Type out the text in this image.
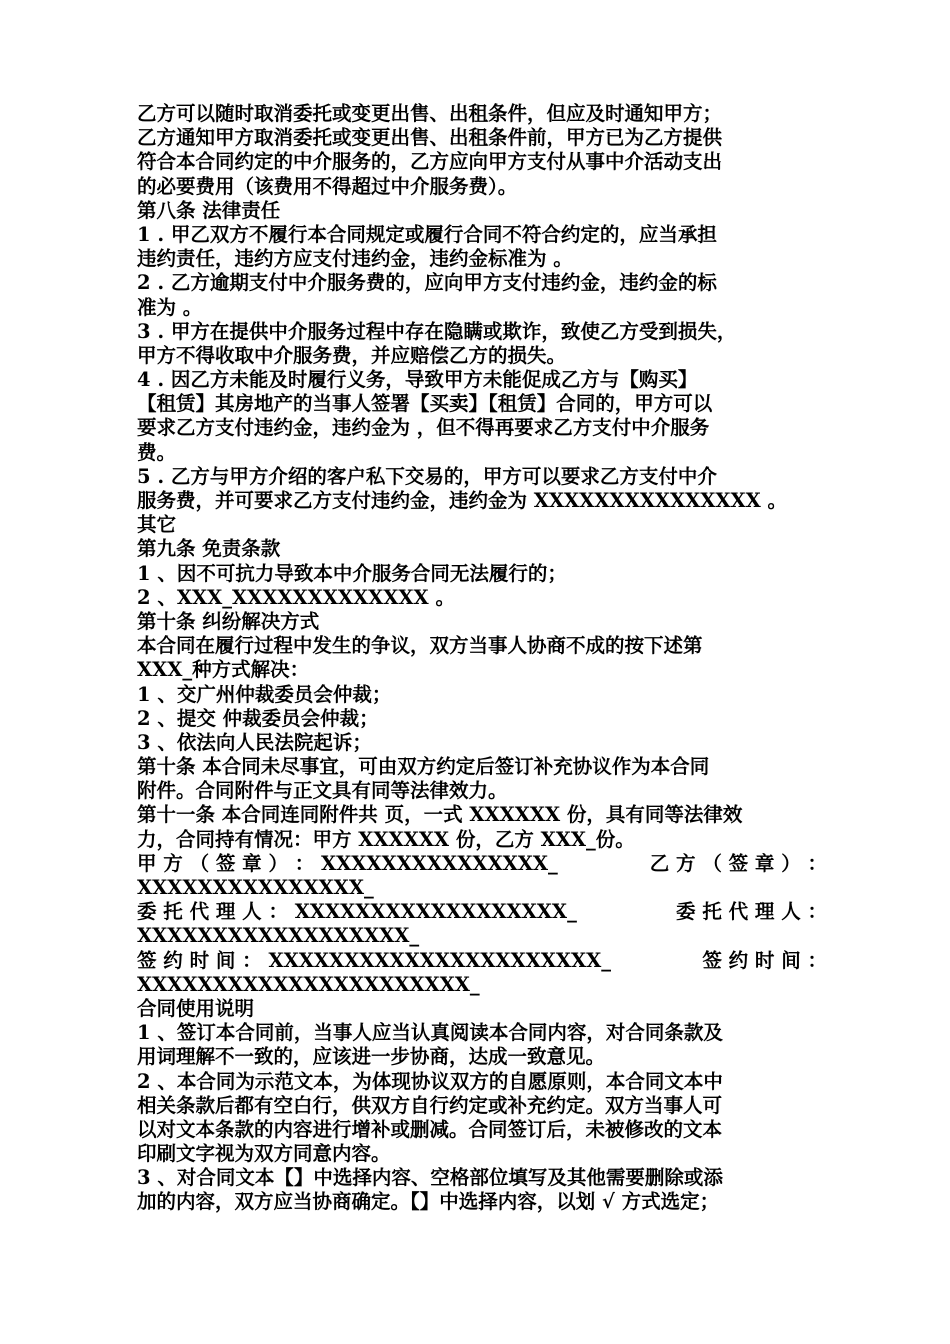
乙方可以随时取消委托或变更出售、出租条件，但应及时通知甲方；
乙方通知甲方取消委托或变更出售、出租条件前，甲方已为乙方提供
符合本合同约定的中介服务的，乙方应向甲方支付从事中介活动支出
的必要费用（该费用不得超过中介服务费）。
第八条 法律责任
1 . 甲乙双方不履行本合同规定或履行合同不符合约定的，应当承担
违约责任，违约方应支付违约金，违约金标准为 。
2 . 乙方逾期支付中介服务费的，应向甲方支付违约金，违约金的标
准为 。
3 . 甲方在提供中介服务过程中存在隐瞒或欺诈，致使乙方受到损失，
甲方不得收取中介服务费，并应赔偿乙方的损失。
4 . 因乙方未能及时履行义务，导致甲方未能促成乙方与【购买】
【租赁】其房地产的当事人签署【买卖】【租赁】合同的，甲方可以
要求乙方支付违约金，违约金为 ，但不得再要求乙方支付中介服务
费。
5 . 乙方与甲方介绍的客户私下交易的，甲方可以要求乙方支付中介
服务费，并可要求乙方支付违约金，违约金为 XXXXXXXXXXXXXXX 。
其它
第九条 免责条款
1 、因不可抗力导致本中介服务合同无法履行的；
2 、XXX_XXXXXXXXXXXXX 。
第十条 纠纷解决方式
本合同在履行过程中发生的争议，双方当事人协商不成的按下述第
XXX_种方式解决：
1 、交广州仲裁委员会仲裁；
2 、提交 仲裁委员会仲裁；
3 、依法向人民法院起诉；
第十条 本合同未尽事宜，可由双方约定后签订补充协议作为本合同
附件。合同附件与正文具有同等法律效力。
第十一条 本合同连同附件共 页，一式 XXXXXX 份，具有同等法律效
力，合同持有情况：甲方 XXXXXX 份，乙方 XXX_份。
甲 方 （ 签 章 ） ： XXXXXXXXXXXXXXX_	乙 方 （ 签 章 ） ：
XXXXXXXXXXXXXXX_
委 托 代 理 人 ： XXXXXXXXXXXXXXXXXX_	委 托 代 理 人 ：
XXXXXXXXXXXXXXXXXX_
签 约 时 间 ： XXXXXXXXXXXXXXXXXXXXXX_	签 约 时 间 ：
XXXXXXXXXXXXXXXXXXXXXX_
合同使用说明
1 、签订本合同前，当事人应当认真阅读本合同内容，对合同条款及
用词理解不一致的，应该进一步协商，达成一致意见。
2 、本合同为示范文本，为体现协议双方的自愿原则，本合同文本中
相关条款后都有空白行，供双方自行约定或补充约定。双方当事人可
以对文本条款的内容进行增补或删减。合同签订后，未被修改的文本
印刷文字视为双方同意内容。
3 、对合同文本【】中选择内容、空格部位填写及其他需要删除或添
加的内容，双方应当协商确定。【】中选择内容，以划 √ 方式选定；
